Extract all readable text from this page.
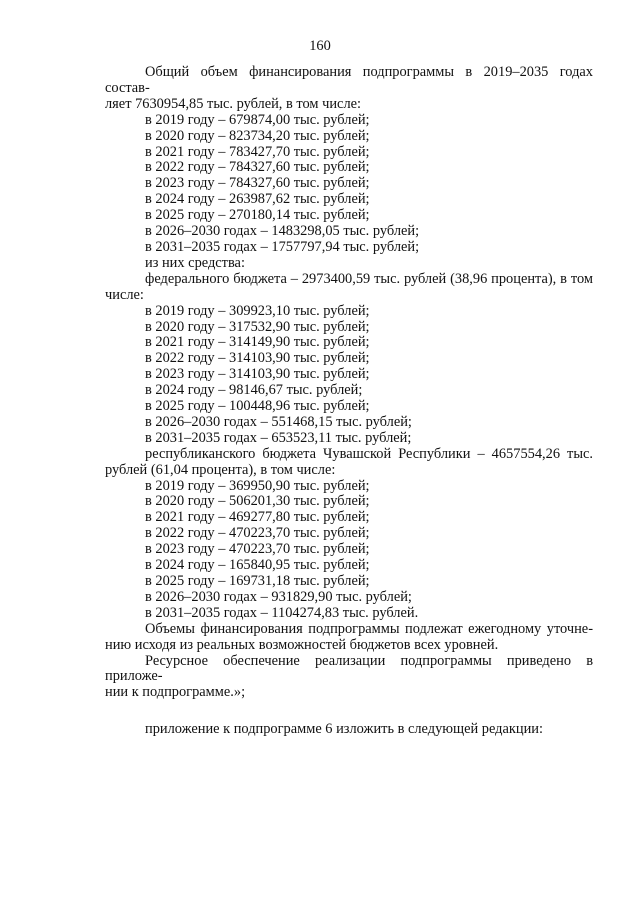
160

Общий объем финансирования подпрограммы в 2019–2035 годах состав-

ляет 7630954,85 тыс. рублей, в том числе:

в 2019 году – 679874,00 тыс. рублей;

в 2020 году – 823734,20 тыс. рублей;

в 2021 году – 783427,70 тыс. рублей;

в 2022 году – 784327,60 тыс. рублей;

в 2023 году – 784327,60 тыс. рублей;

в 2024 году – 263987,62 тыс. рублей;

в 2025 году – 270180,14 тыс. рублей;

в 2026–2030 годах – 1483298,05 тыс. рублей;

в 2031–2035 годах – 1757797,94 тыс. рублей;

из них средства:

федерального бюджета – 2973400,59 тыс. рублей (38,96 процента), в том

числе:

в 2019 году – 309923,10 тыс. рублей;

в 2020 году – 317532,90 тыс. рублей;

в 2021 году – 314149,90 тыс. рублей;

в 2022 году – 314103,90 тыс. рублей;

в 2023 году – 314103,90 тыс. рублей;

в 2024 году – 98146,67 тыс. рублей;

в 2025 году – 100448,96 тыс. рублей;

в 2026–2030 годах – 551468,15 тыс. рублей;

в 2031–2035 годах – 653523,11 тыс. рублей;

республиканского бюджета Чувашской Республики – 4657554,26 тыс.

рублей (61,04 процента), в том числе:

в 2019 году – 369950,90 тыс. рублей;

в 2020 году – 506201,30 тыс. рублей;

в 2021 году – 469277,80 тыс. рублей;

в 2022 году – 470223,70 тыс. рублей;

в 2023 году – 470223,70 тыс. рублей;

в 2024 году – 165840,95 тыс. рублей;

в 2025 году – 169731,18 тыс. рублей;

в 2026–2030 годах – 931829,90 тыс. рублей;

в 2031–2035 годах – 1104274,83 тыс. рублей.

Объемы финансирования подпрограммы подлежат ежегодному уточне-

нию исходя из реальных возможностей бюджетов всех уровней.

Ресурсное обеспечение реализации подпрограммы приведено в приложе-

нии к подпрограмме.»;

приложение к подпрограмме 6 изложить в следующей редакции:
